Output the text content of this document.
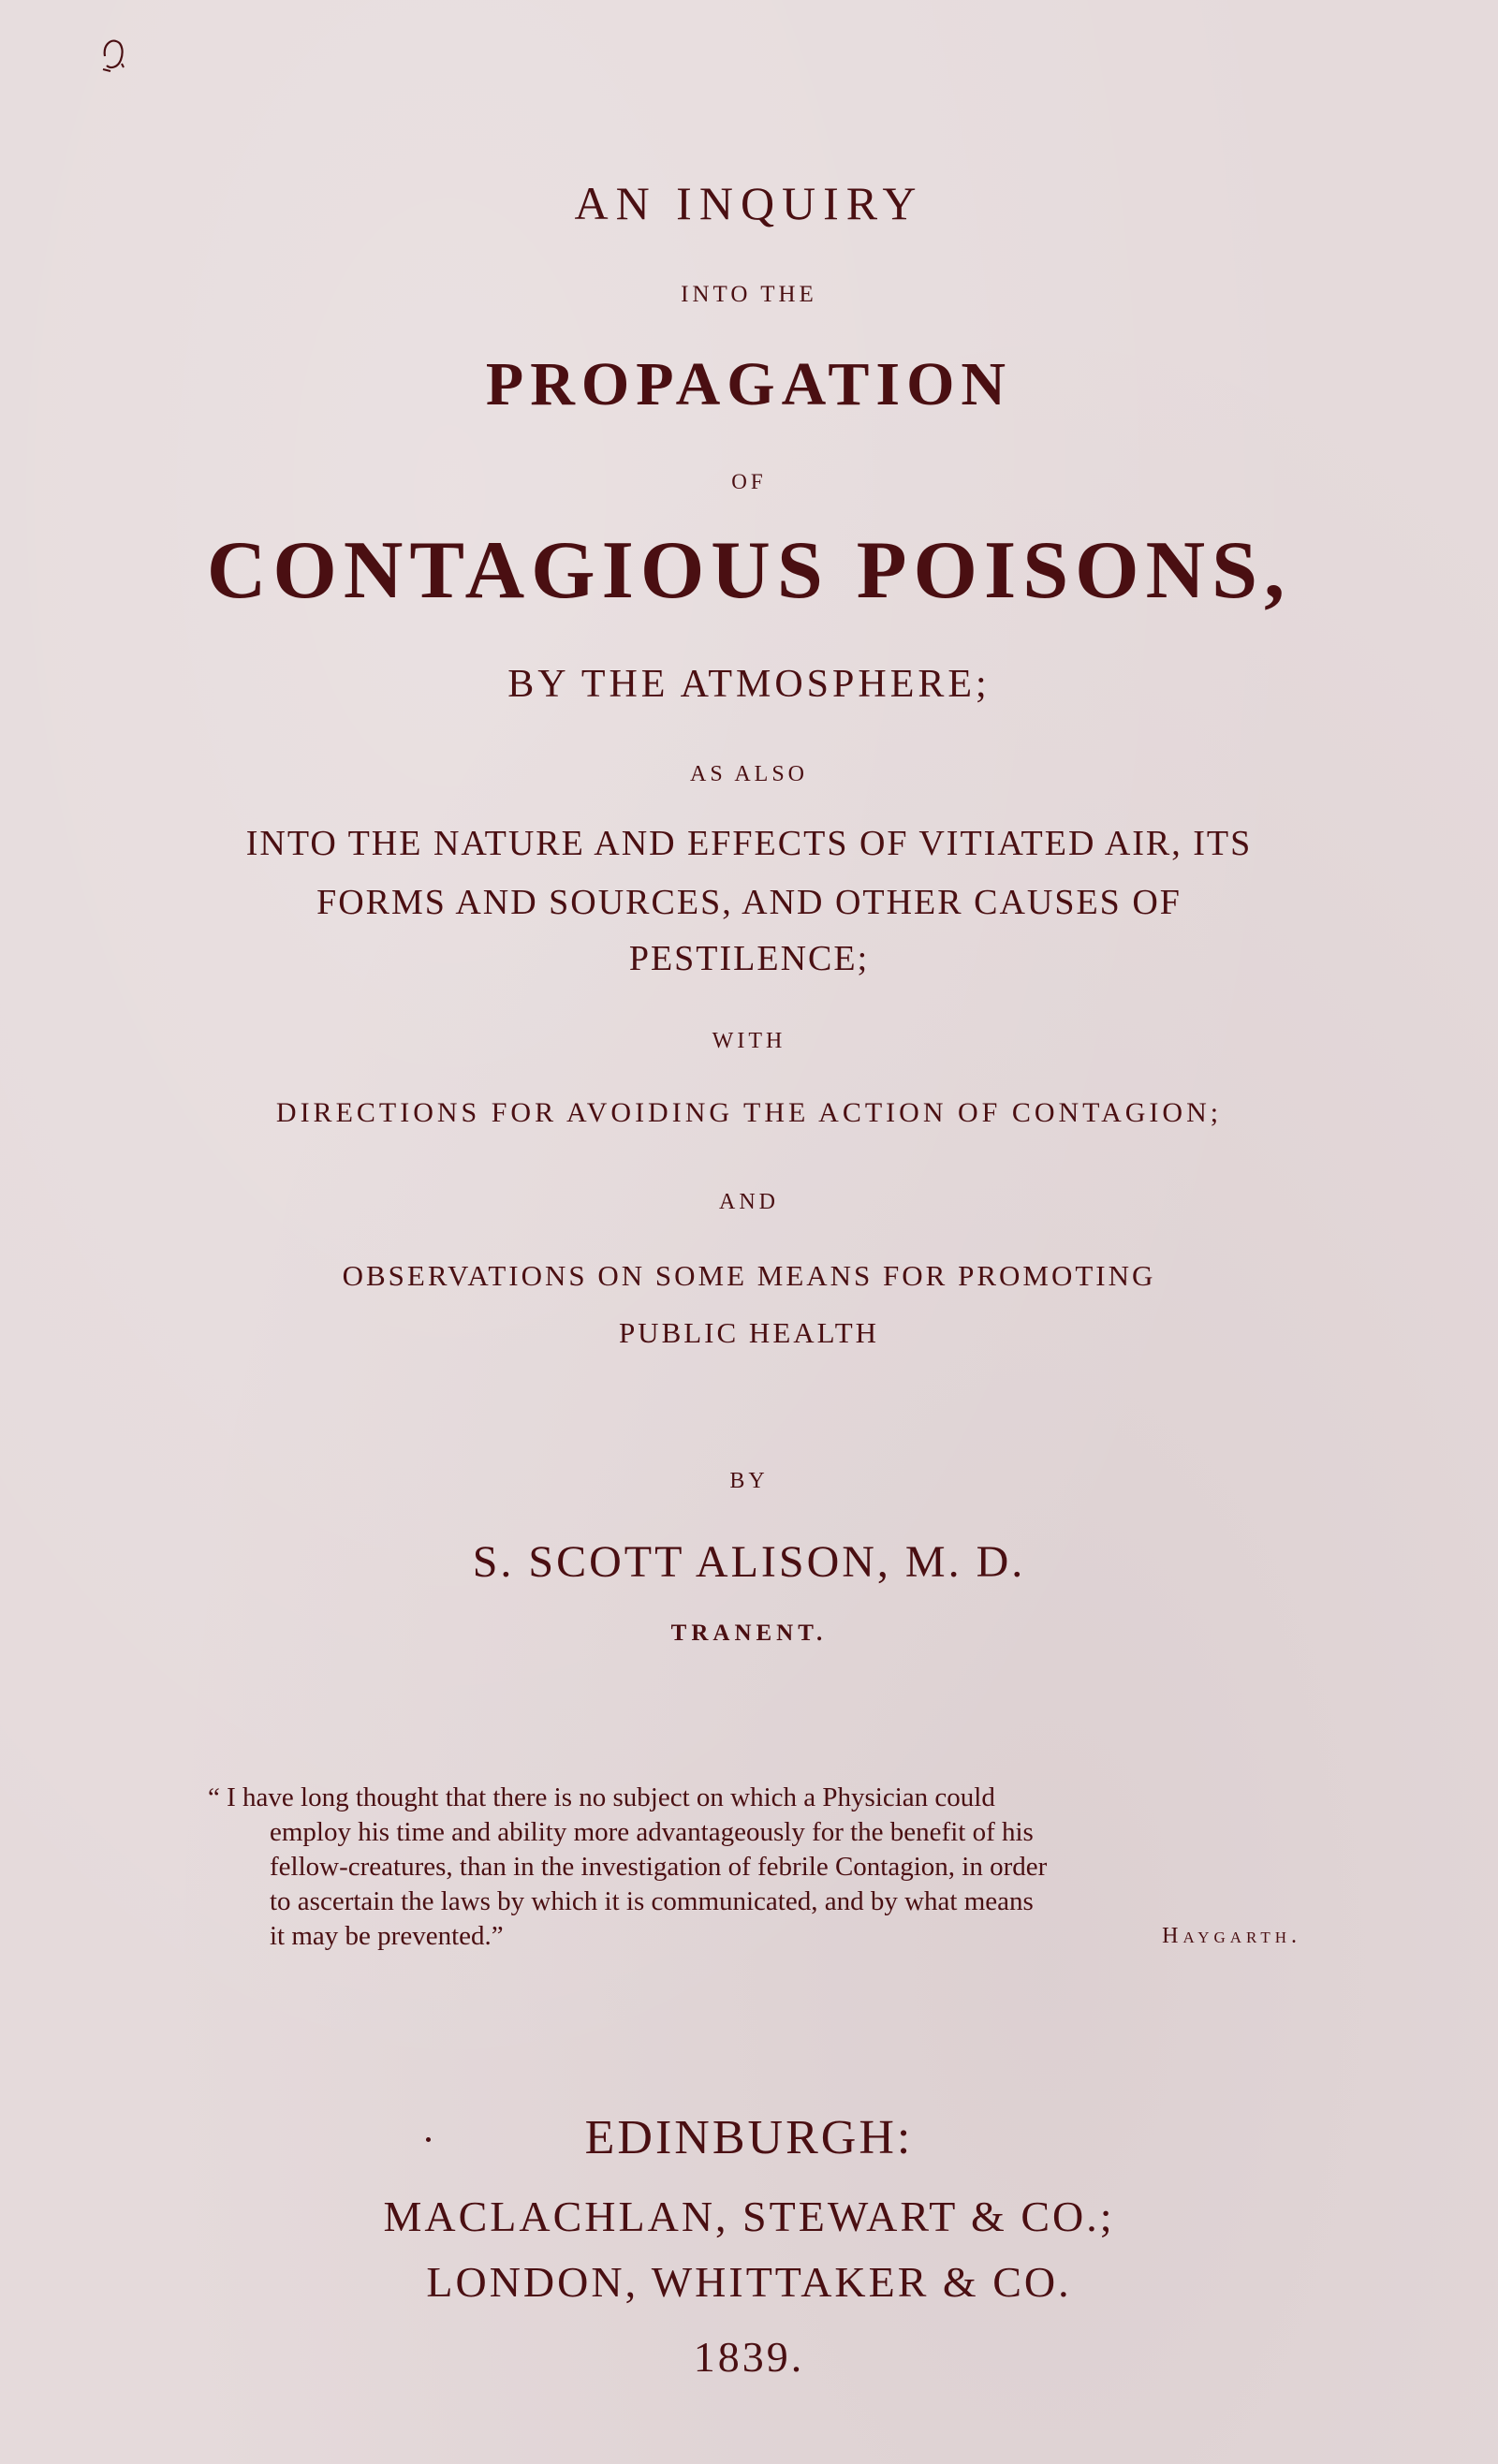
AN INQUIRY
INTO THE
PROPAGATION
OF
CONTAGIOUS POISONS,
BY THE ATMOSPHERE;
AS ALSO
INTO THE NATURE AND EFFECTS OF VITIATED AIR, ITS
FORMS AND SOURCES, AND OTHER CAUSES OF
PESTILENCE;
WITH
DIRECTIONS FOR AVOIDING THE ACTION OF CONTAGION;
AND
OBSERVATIONS ON SOME MEANS FOR PROMOTING
PUBLIC HEALTH
BY
S. SCOTT ALISON, M. D.
TRANENT.
“ I have long thought that there is no subject on which a Physician could
employ his time and ability more advantageously for the benefit of his
fellow-creatures, than in the investigation of febrile Contagion, in order
to ascertain the laws by which it is communicated, and by what means
it may be prevented.”	Haygarth.
EDINBURGH:
MACLACHLAN, STEWART & CO.;
LONDON, WHITTAKER & CO.
1839.
